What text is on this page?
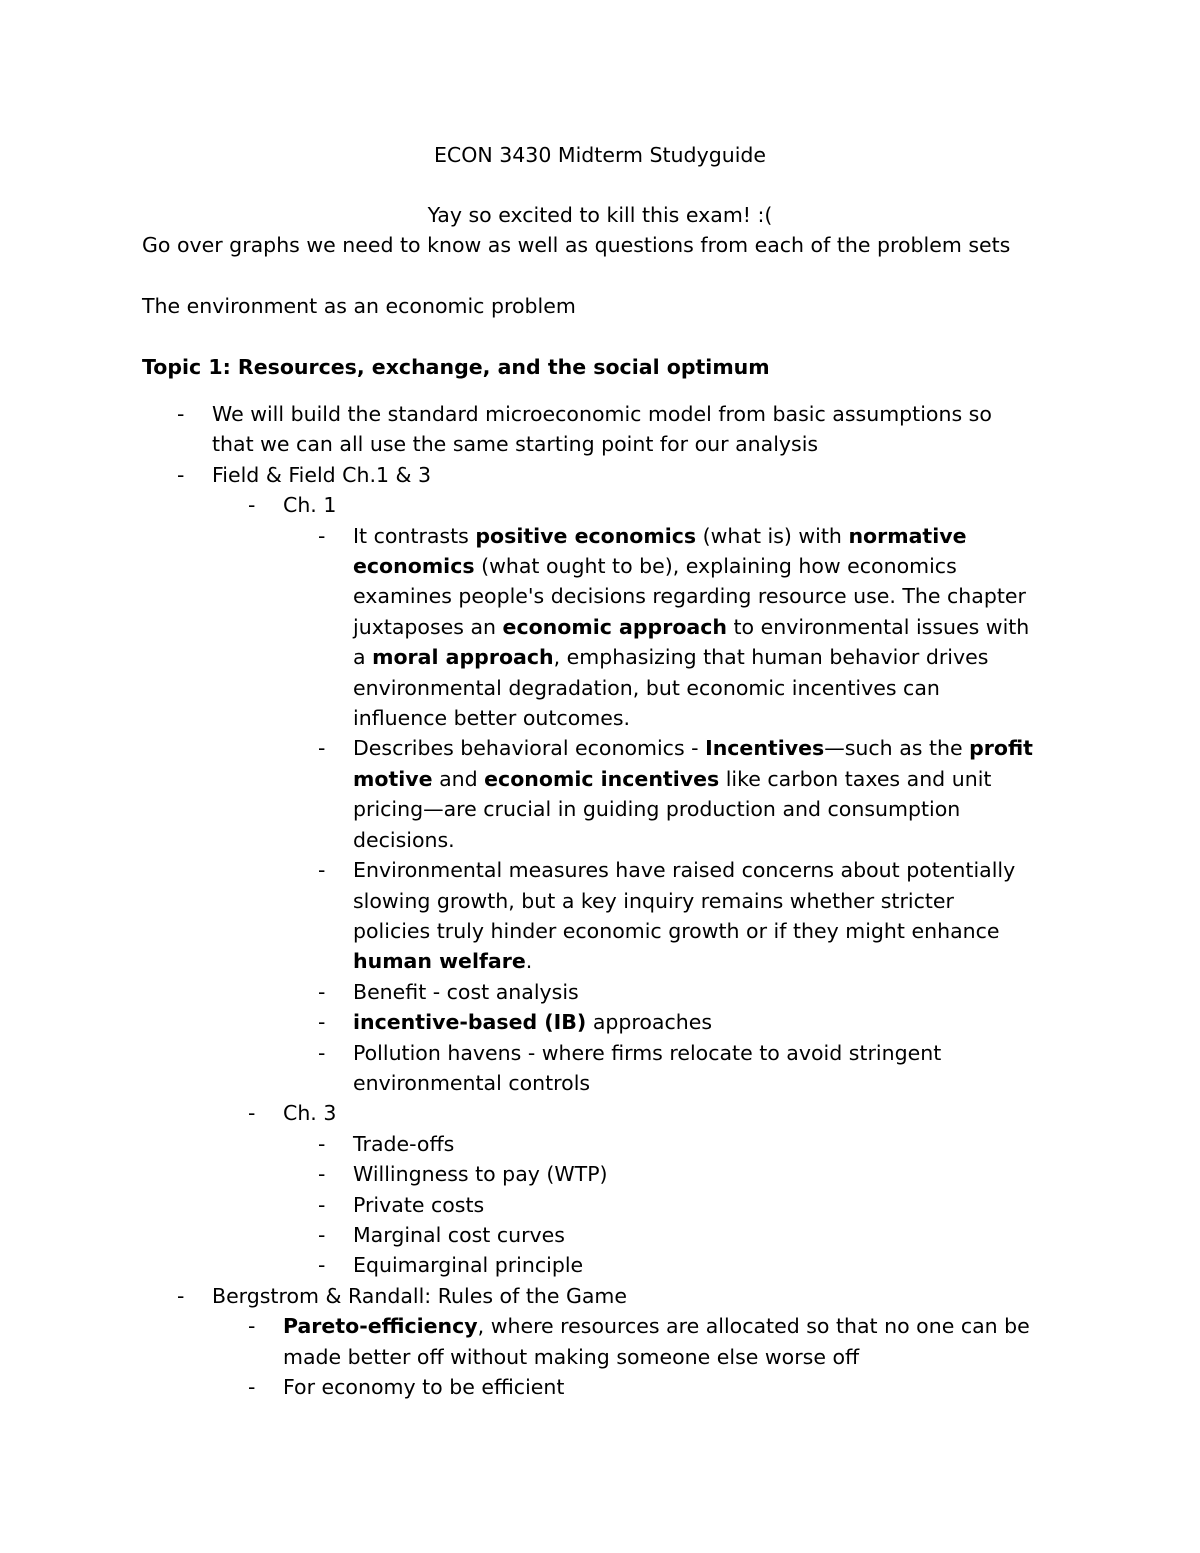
ECON 3430 Midterm Studyguide
Yay so excited to kill this exam! :(
Go over graphs we need to know as well as questions from each of the problem sets
The environment as an economic problem
Topic 1: Resources, exchange, and the social optimum
- We will build the standard microeconomic model from basic assumptions so
that we can all use the same starting point for our analysis
- Field & Field Ch.1 & 3
- Ch. 1
- It contrasts positive economics (what is) with normative
economics (what ought to be), explaining how economics
examines people's decisions regarding resource use. The chapter
juxtaposes an economic approach to environmental issues with
a moral approach, emphasizing that human behavior drives
environmental degradation, but economic incentives can
influence better outcomes.
- Describes behavioral economics - Incentives—such as the profit
motive and economic incentives like carbon taxes and unit
pricing—are crucial in guiding production and consumption
decisions.
- Environmental measures have raised concerns about potentially
slowing growth, but a key inquiry remains whether stricter
policies truly hinder economic growth or if they might enhance
human welfare.
- Benefit - cost analysis
- incentive-based (IB) approaches
- Pollution havens - where firms relocate to avoid stringent
environmental controls
- Ch. 3
- Trade-offs
- Willingness to pay (WTP)
- Private costs
- Marginal cost curves
- Equimarginal principle
- Bergstrom & Randall: Rules of the Game
- Pareto-efficiency, where resources are allocated so that no one can be
made better off without making someone else worse off
- For economy to be efficient
